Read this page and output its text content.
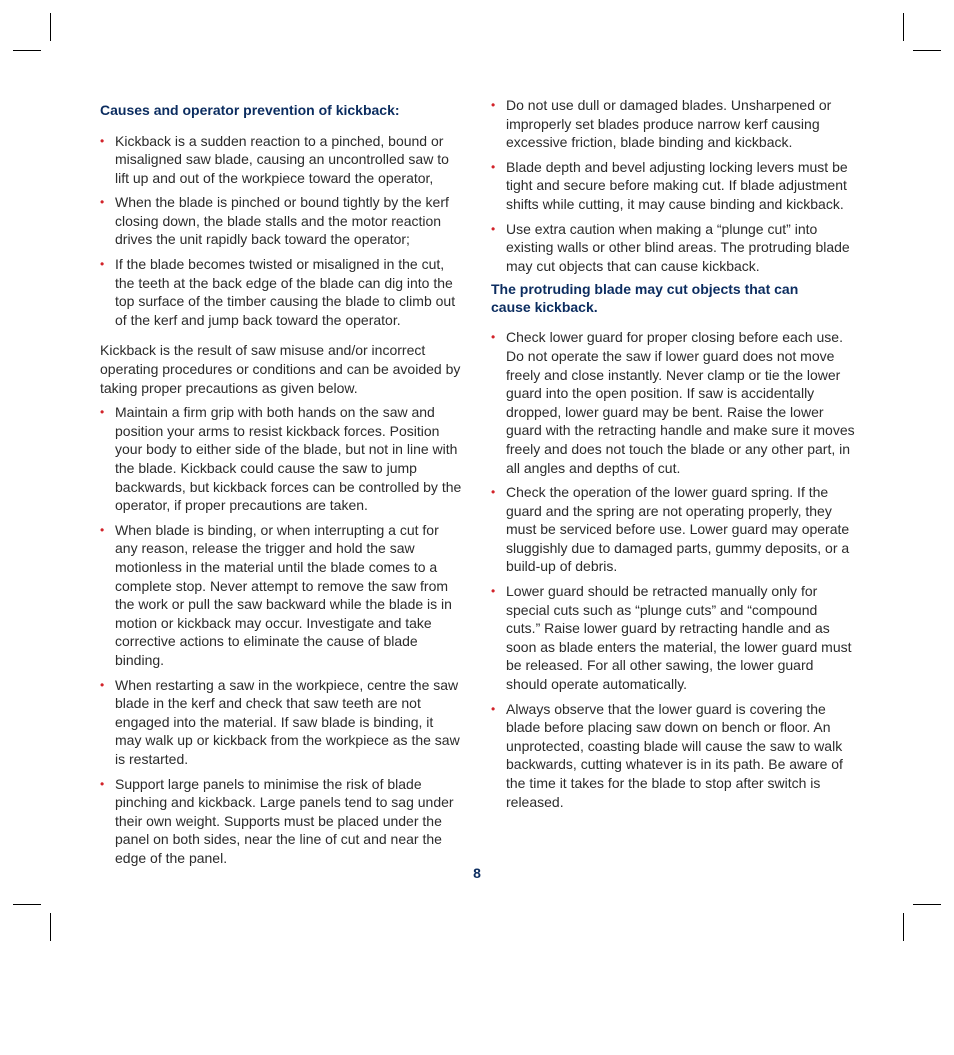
Causes and operator prevention of kickback:
• Kickback is a sudden reaction to a pinched, bound or misaligned saw blade, causing an uncontrolled saw to lift up and out of the workpiece toward the operator,
• When the blade is pinched or bound tightly by the kerf closing down, the blade stalls and the motor reaction drives the unit rapidly back toward the operator;
• If the blade becomes twisted or misaligned in the cut, the teeth at the back edge of the blade can dig into the top surface of the timber causing the blade to climb out of the kerf and jump back toward the operator.

Kickback is the result of saw misuse and/or incorrect operating procedures or conditions and can be avoided by taking proper precautions as given below.

• Maintain a firm grip with both hands on the saw and position your arms to resist kickback forces. Position your body to either side of the blade, but not in line with the blade. Kickback could cause the saw to jump backwards, but kickback forces can be controlled by the operator, if proper precautions are taken.
• When blade is binding, or when interrupting a cut for any reason, release the trigger and hold the saw motionless in the material until the blade comes to a complete stop. Never attempt to remove the saw from the work or pull the saw backward while the blade is in motion or kickback may occur. Investigate and take corrective actions to eliminate the cause of blade binding.
• When restarting a saw in the workpiece, centre the saw blade in the kerf and check that saw teeth are not engaged into the material. If saw blade is binding, it may walk up or kickback from the workpiece as the saw is restarted.
• Support large panels to minimise the risk of blade pinching and kickback. Large panels tend to sag under their own weight. Supports must be placed under the panel on both sides, near the line of cut and near the edge of the panel.
• Do not use dull or damaged blades. Unsharpened or improperly set blades produce narrow kerf causing excessive friction, blade binding and kickback.
• Blade depth and bevel adjusting locking levers must be tight and secure before making cut. If blade adjustment shifts while cutting, it may cause binding and kickback.
• Use extra caution when making a “plunge cut” into existing walls or other blind areas. The protruding blade may cut objects that can cause kickback.
The protruding blade may cut objects that can cause kickback.
• Check lower guard for proper closing before each use. Do not operate the saw if lower guard does not move freely and close instantly. Never clamp or tie the lower guard into the open position. If saw is accidentally dropped, lower guard may be bent. Raise the lower guard with the retracting handle and make sure it moves freely and does not touch the blade or any other part, in all angles and depths of cut.
• Check the operation of the lower guard spring. If the guard and the spring are not operating properly, they must be serviced before use. Lower guard may operate sluggishly due to damaged parts, gummy deposits, or a build-up of debris.
• Lower guard should be retracted manually only for special cuts such as “plunge cuts” and “compound cuts.” Raise lower guard by retracting handle and as soon as blade enters the material, the lower guard must be released. For all other sawing, the lower guard should operate automatically.
• Always observe that the lower guard is covering the blade before placing saw down on bench or floor. An unprotected, coasting blade will cause the saw to walk backwards, cutting whatever is in its path. Be aware of the time it takes for the blade to stop after switch is released.
8
